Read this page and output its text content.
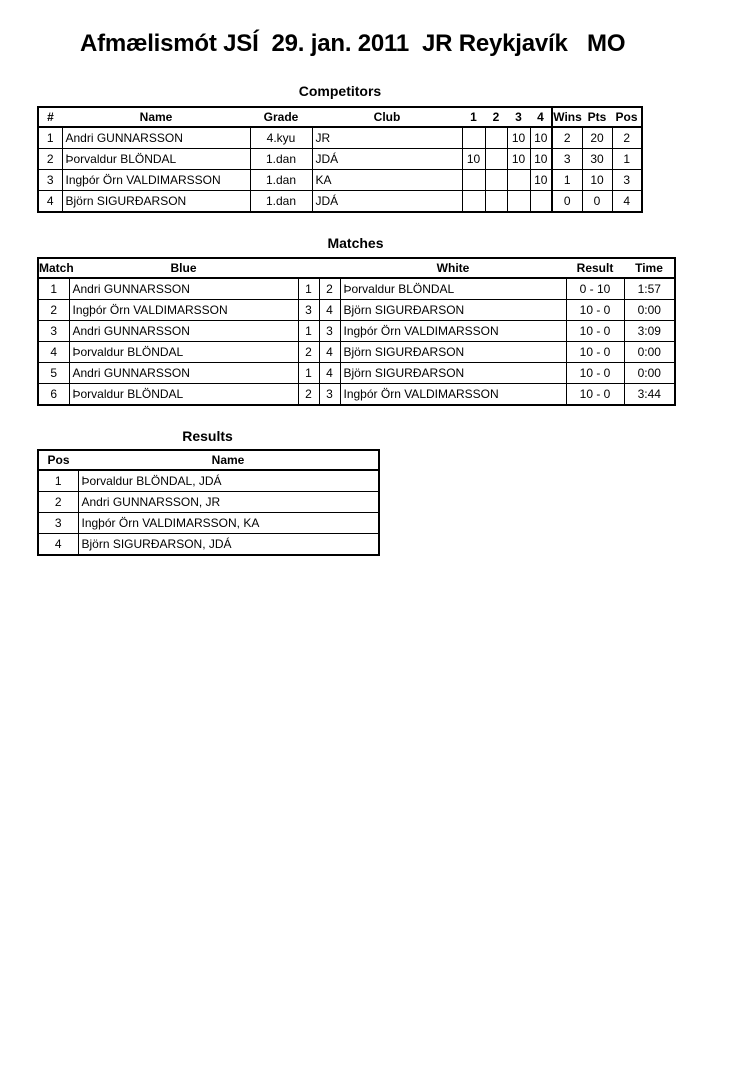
Afmælismót JSÍ  29. jan. 2011  JR Reykjavík   MO
Competitors
#	Name	Grade	Club	1	2	3	4	Wins	Pts	Pos
1	Andri GUNNARSSON	4.kyu	JR			10	10	2	20	2
2	Þorvaldur BLÖNDAL	1.dan	JDÁ	10		10	10	3	30	1
3	Ingþór Örn VALDIMARSSON	1.dan	KA				10	1	10	3
4	Björn SIGURÐARSON	1.dan	JDÁ					0	0	4
Matches
Match	Blue			White	Result	Time
1	Andri GUNNARSSON	1	2	Þorvaldur BLÖNDAL	0 - 10	1:57
2	Ingþór Örn VALDIMARSSON	3	4	Björn SIGURÐARSON	10 - 0	0:00
3	Andri GUNNARSSON	1	3	Ingþór Örn VALDIMARSSON	10 - 0	3:09
4	Þorvaldur BLÖNDAL	2	4	Björn SIGURÐARSON	10 - 0	0:00
5	Andri GUNNARSSON	1	4	Björn SIGURÐARSON	10 - 0	0:00
6	Þorvaldur BLÖNDAL	2	3	Ingþór Örn VALDIMARSSON	10 - 0	3:44
Results
Pos	Name
1	Þorvaldur BLÖNDAL, JDÁ
2	Andri GUNNARSSON, JR
3	Ingþór Örn VALDIMARSSON, KA
4	Björn SIGURÐARSON, JDÁ
